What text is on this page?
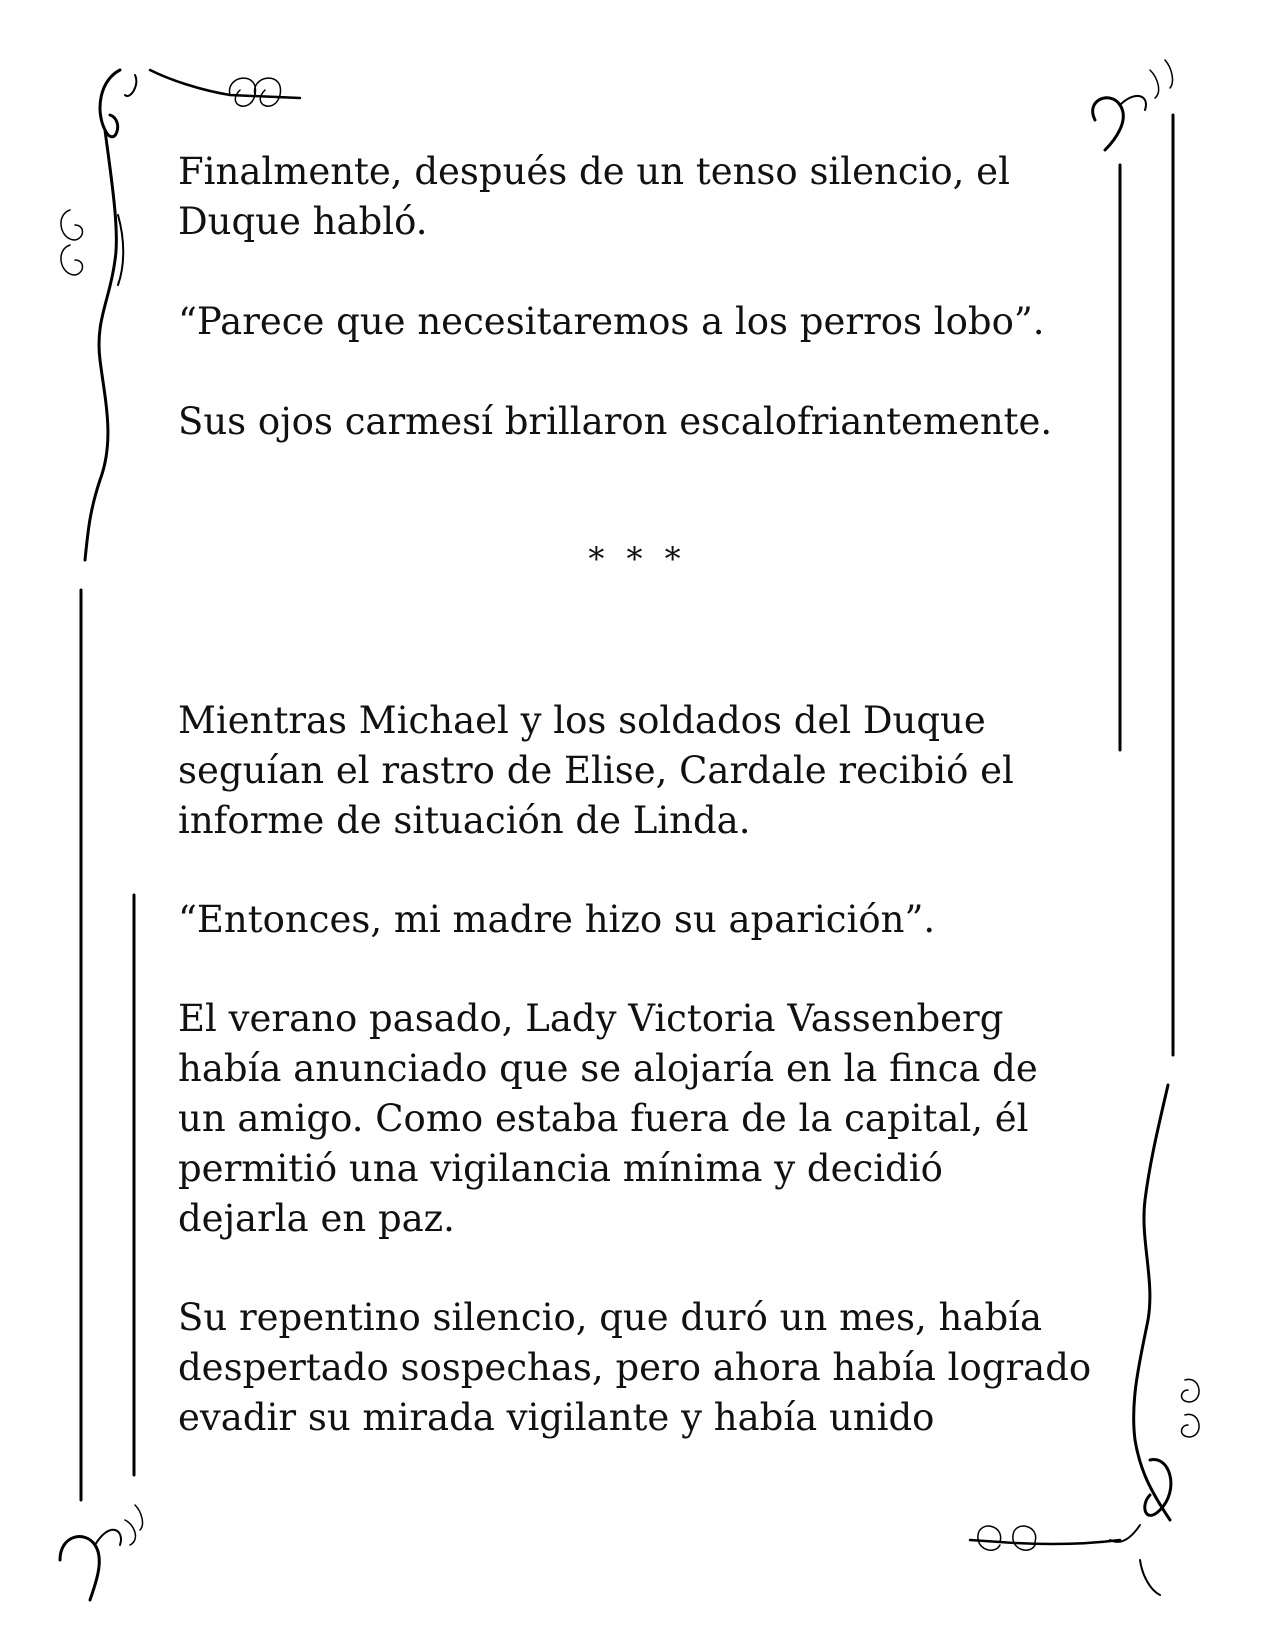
Finalmente, después de un tenso silencio, el
Duque habló.

“Parece que necesitaremos a los perros lobo”.

Sus ojos carmesí brillaron escalofriantemente.

Mientras Michael y los soldados del Duque
seguían el rastro de Elise, Cardale recibió el
informe de situación de Linda.

“Entonces, mi madre hizo su aparición”.

El verano pasado, Lady Victoria Vassenberg
había anunciado que se alojaría en la finca de
un amigo. Como estaba fuera de la capital, él
permitió una vigilancia mínima y decidió
dejarla en paz.

Su repentino silencio, que duró un mes, había
despertado sospechas, pero ahora había logrado
evadir su mirada vigilante y había unido

* * *
